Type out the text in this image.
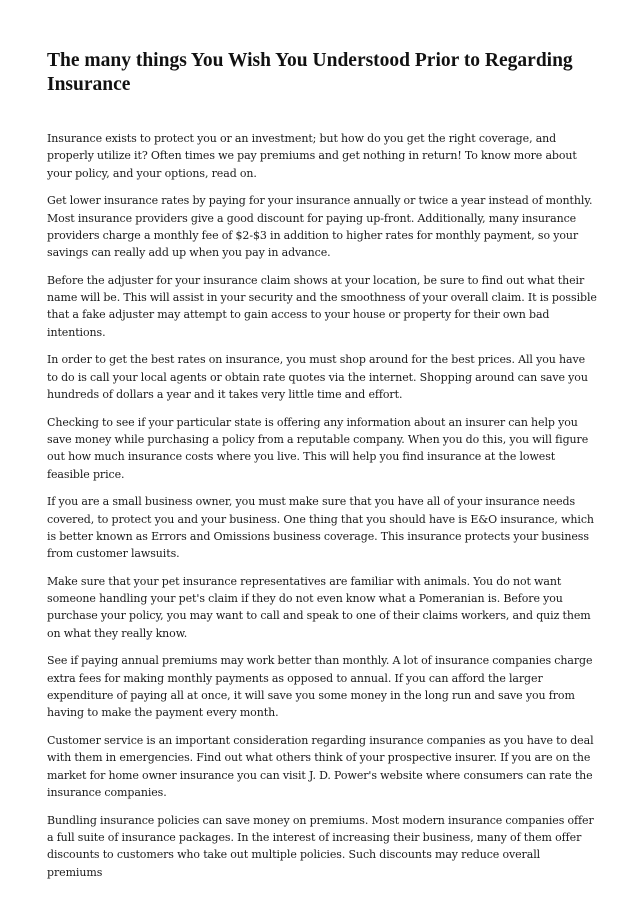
The many things You Wish You Understood Prior to Regarding Insurance

Insurance exists to protect you or an investment; but how do you get the right coverage, and properly utilize it? Often times we pay premiums and get nothing in return! To know more about your policy, and your options, read on.

Get lower insurance rates by paying for your insurance annually or twice a year instead of monthly. Most insurance providers give a good discount for paying up-front. Additionally, many insurance providers charge a monthly fee of $2-$3 in addition to higher rates for monthly payment, so your savings can really add up when you pay in advance.

Before the adjuster for your insurance claim shows at your location, be sure to find out what their name will be. This will assist in your security and the smoothness of your overall claim. It is possible that a fake adjuster may attempt to gain access to your house or property for their own bad intentions.

In order to get the best rates on insurance, you must shop around for the best prices. All you have to do is call your local agents or obtain rate quotes via the internet. Shopping around can save you hundreds of dollars a year and it takes very little time and effort.

Checking to see if your particular state is offering any information about an insurer can help you save money while purchasing a policy from a reputable company. When you do this, you will figure out how much insurance costs where you live. This will help you find insurance at the lowest feasible price.

If you are a small business owner, you must make sure that you have all of your insurance needs covered, to protect you and your business. One thing that you should have is E&O insurance, which is better known as Errors and Omissions business coverage. This insurance protects your business from customer lawsuits.

Make sure that your pet insurance representatives are familiar with animals. You do not want someone handling your pet's claim if they do not even know what a Pomeranian is. Before you purchase your policy, you may want to call and speak to one of their claims workers, and quiz them on what they really know.

See if paying annual premiums may work better than monthly. A lot of insurance companies charge extra fees for making monthly payments as opposed to annual. If you can afford the larger expenditure of paying all at once, it will save you some money in the long run and save you from having to make the payment every month.

Customer service is an important consideration regarding insurance companies as you have to deal with them in emergencies. Find out what others think of your prospective insurer. If you are on the market for home owner insurance you can visit J. D. Power's website where consumers can rate the insurance companies.

Bundling insurance policies can save money on premiums. Most modern insurance companies offer a full suite of insurance packages. In the interest of increasing their business, many of them offer discounts to customers who take out multiple policies. Such discounts may reduce overall premiums
